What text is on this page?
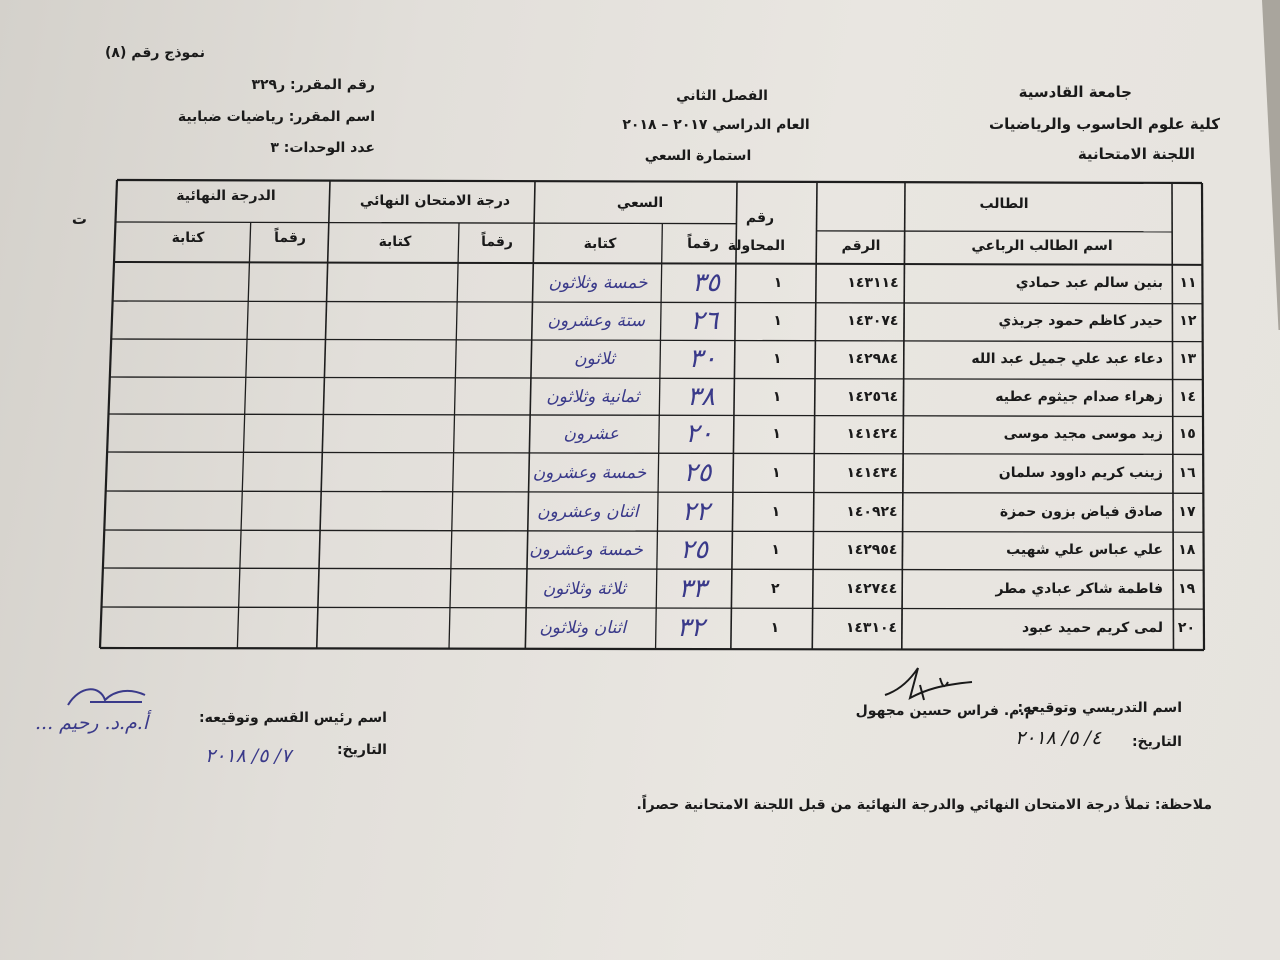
جامعة القادسية
كلية علوم الحاسوب والرياضيات
اللجنة الامتحانية
الفصل الثاني
العام الدراسي ٢٠١٧ – ٢٠١٨
استمارة السعي
نموذج رقم (٨)
رقم المقرر: ر٣٢٩
اسم المقرر: رياضيات ضبابية
عدد الوحدات: ٣
ت
الطالب
اسم الطالب الرباعي
الرقم
رقم المحاولة
السعي
رقماً
كتابة
درجة الامتحان النهائي
رقماً
كتابة
الدرجة النهائية
رقماً
كتابة
١١
بنين سالم عبد حمادي
١٤٣١١٤
١
٣٥
خمسة وثلاثون
١٢
حيدر كاظم حمود جريذي
١٤٣٠٧٤
١
٢٦
ستة وعشرون
١٣
دعاء عبد علي جميل عبد الله
١٤٢٩٨٤
١
٣٠
ثلاثون
١٤
زهراء صدام جيثوم عطيه
١٤٢٥٦٤
١
٣٨
ثمانية وثلاثون
١٥
زيد موسى مجيد موسى
١٤١٤٢٤
١
٢٠
عشرون
١٦
زينب كريم داوود سلمان
١٤١٤٣٤
١
٢٥
خمسة وعشرون
١٧
صادق فياض بزون حمزة
١٤٠٩٢٤
١
٢٢
اثنان وعشرون
١٨
علي عباس علي شهيب
١٤٢٩٥٤
١
٢٥
خمسة وعشرون
١٩
فاطمة شاكر عبادي مطر
١٤٢٧٤٤
٢
٣٣
ثلاثة وثلاثون
٢٠
لمى كريم حميد عبود
١٤٣١٠٤
١
٣٢
اثنان وثلاثون
اسم التدريسي وتوقيعه:
م.م. فراس حسين مجهول
التاريخ:
٤/ ٥/ ٢٠١٨
اسم رئيس القسم وتوقيعه:
أ.م.د. رحيم ...
التاريخ:
٧/ ٥/ ٢٠١٨
ملاحظة: تملأ درجة الامتحان النهائي والدرجة النهائية من قبل اللجنة الامتحانية حصراً.
